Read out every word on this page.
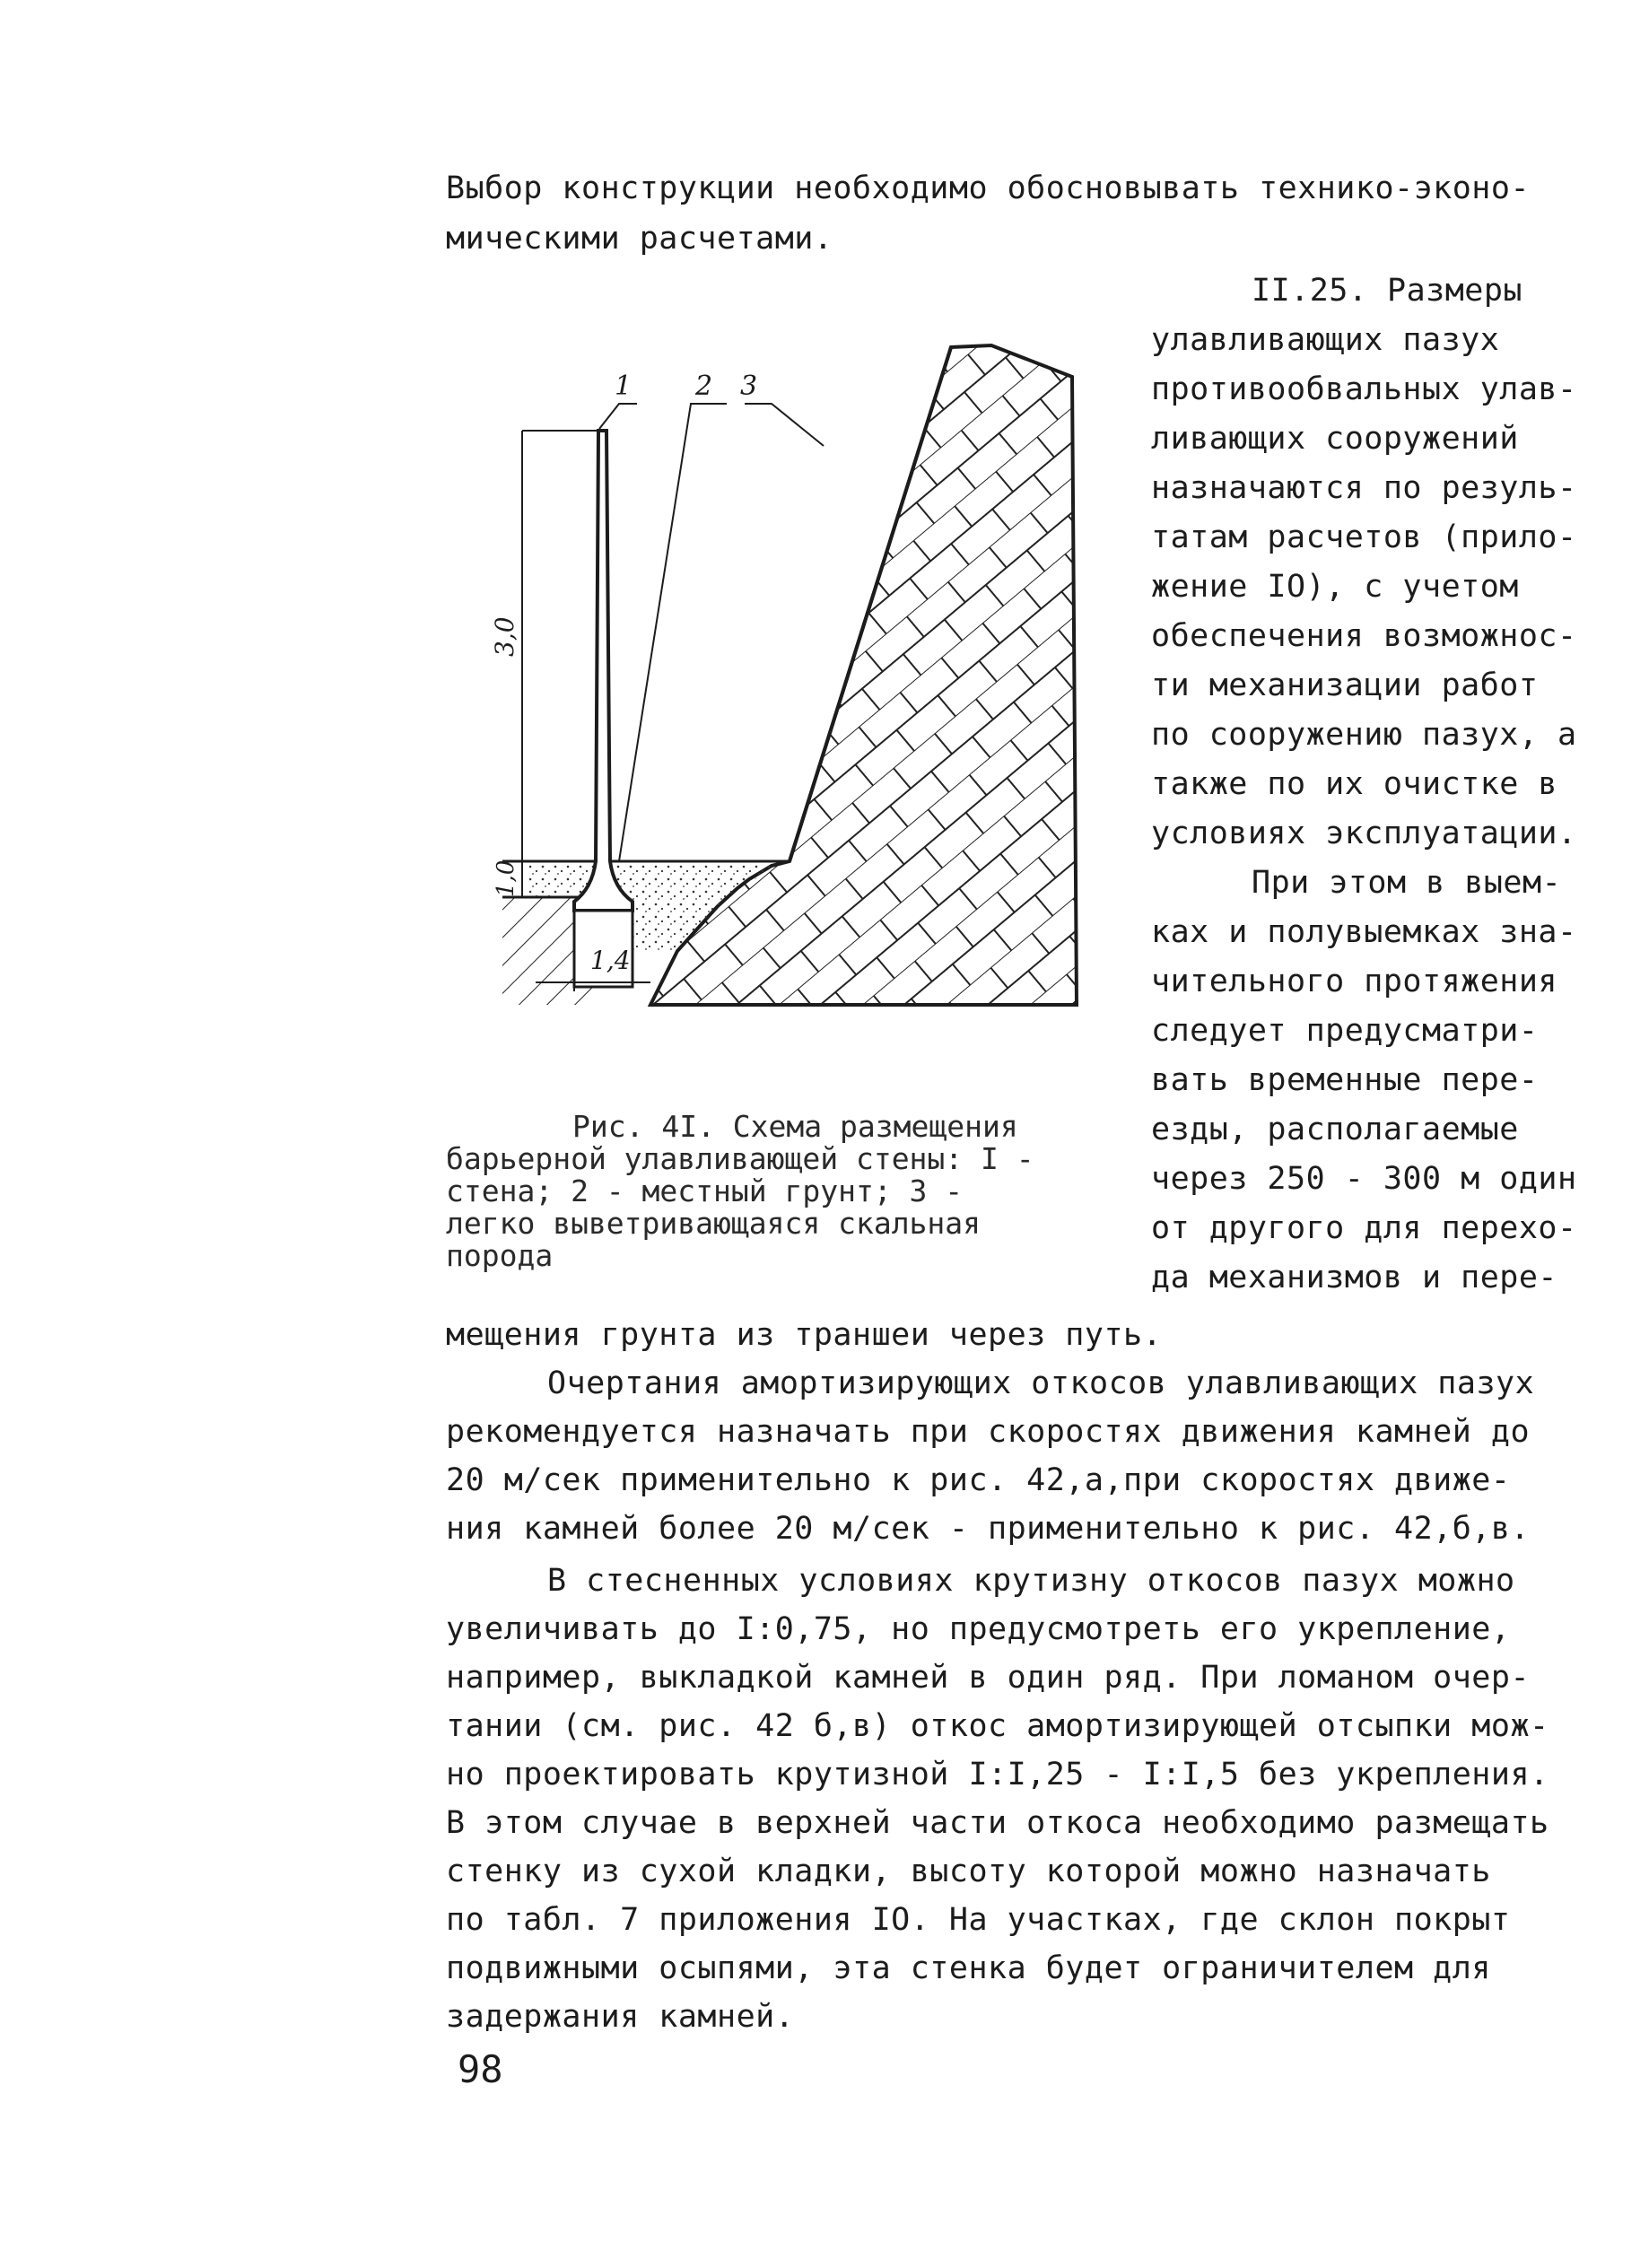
Выбор конструкции необходимо обосновывать технико-эконо-
мическими расчетами.
II.25. Размеры
улавливающих пазух
противообвальных улав-
ливающих сооружений
назначаются по резуль-
татам расчетов (прило-
жение IO), с учетом
обеспечения возможнос-
ти механизации работ
по сооружению пазух, а
также по их очистке в
условиях эксплуатации.
При этом в выем-
ках и полувыемках зна-
чительного протяжения
следует предусматри-
вать временные пере-
езды, располагаемые
через 250 - 300 м один
от другого для перехо-
да механизмов и пере-
3,0
1,0
1,4
1 2 3
Рис. 4I. Схема размещения
барьерной улавливающей стены: I -
стена; 2 - местный грунт; 3 -
легко выветривающаяся скальная
порода
мещения грунта из траншеи через путь.
Очертания амортизирующих откосов улавливающих пазух
рекомендуется назначать при скоростях движения камней до
20 м/сек применительно к рис. 42,а,при скоростях движе-
ния камней более 20 м/сек - применительно к рис. 42,б,в.
В стесненных условиях крутизну откосов пазух можно
увеличивать до I:0,75, но предусмотреть его укрепление,
например, выкладкой камней в один ряд. При ломаном очер-
тании (см. рис. 42 б,в) откос амортизирующей отсыпки мож-
но проектировать крутизной I:I,25 - I:I,5 без укрепления.
В этом случае в верхней части откоса необходимо размещать
стенку из сухой кладки, высоту которой можно назначать
по табл. 7 приложения IO. На участках, где склон покрыт
подвижными осыпями, эта стенка будет ограничителем для
задержания камней.
98
